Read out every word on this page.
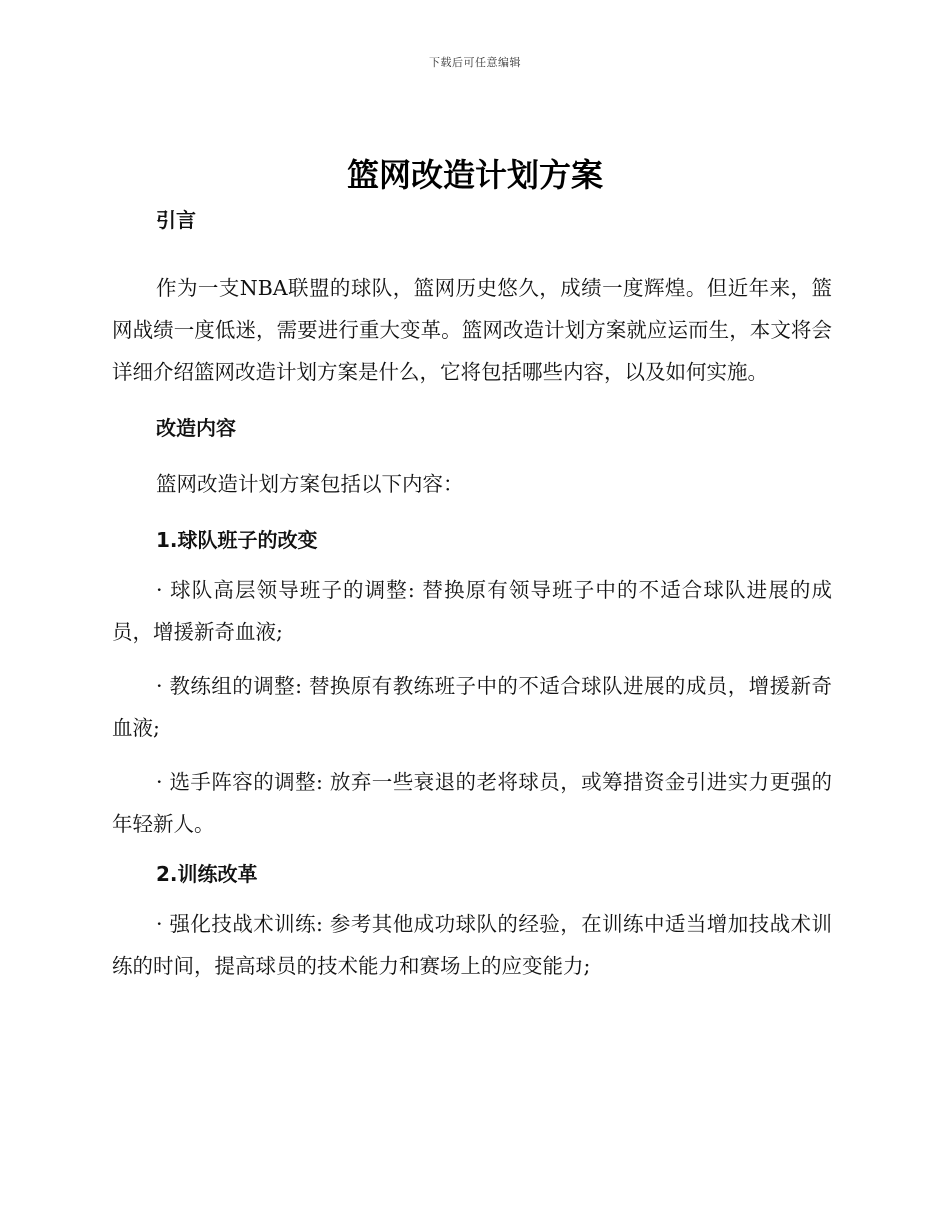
下载后可任意编辑
篮网改造计划方案
引言

作为一支NBA联盟的球队，篮网历史悠久，成绩一度辉煌。但近年来，篮网战绩一度低迷，需要进行重大变革。篮网改造计划方案就应运而生，本文将会详细介绍篮网改造计划方案是什么，它将包括哪些内容，以及如何实施。

改造内容

篮网改造计划方案包括以下内容：

1.球队班子的改变

· 球队高层领导班子的调整: 替换原有领导班子中的不适合球队进展的成员，增援新奇血液;

· 教练组的调整: 替换原有教练班子中的不适合球队进展的成员，增援新奇血液;

· 选手阵容的调整: 放弃一些衰退的老将球员，或筹措资金引进实力更强的年轻新人。

2.训练改革

· 强化技战术训练: 参考其他成功球队的经验，在训练中适当增加技战术训练的时间，提高球员的技术能力和赛场上的应变能力;
